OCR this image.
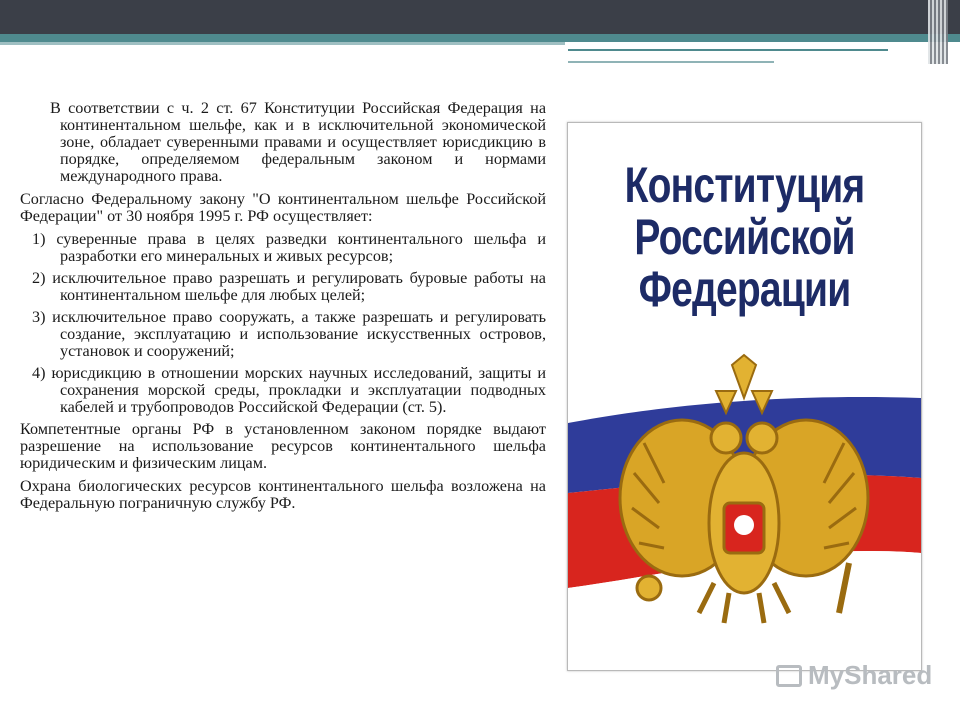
В соответствии с ч. 2 ст. 67 Конституции Российская Федерация на континентальном шельфе, как и в исключительной экономической зоне, обладает суверенными правами и осуществляет юрисдикцию в порядке, определяемом федеральным законом и нормами международного права.

Согласно Федеральному закону "О континентальном шельфе Российской Федерации" от 30 ноября 1995 г. РФ осуществляет:

1) суверенные права в целях разведки континентального шельфа и разработки его минеральных и живых ресурсов;

2) исключительное право разрешать и регулировать буровые работы на континентальном шельфе для любых целей;

3) исключительное право сооружать, а также разрешать и регулировать создание, эксплуатацию и использование искусственных островов, установок и сооружений;

4) юрисдикцию в отношении морских научных исследований, защиты и сохранения морской среды, прокладки и эксплуатации подводных кабелей и трубопроводов Российской Федерации (ст. 5).

Компетентные органы РФ в установленном законом порядке выдают разрешение на использование ресурсов континентального шельфа юридическим и физическим лицам.

Охрана биологических ресурсов континентального шельфа возложена на Федеральную пограничную службу РФ.

Конституция
Российской
Федерации
MyShared
